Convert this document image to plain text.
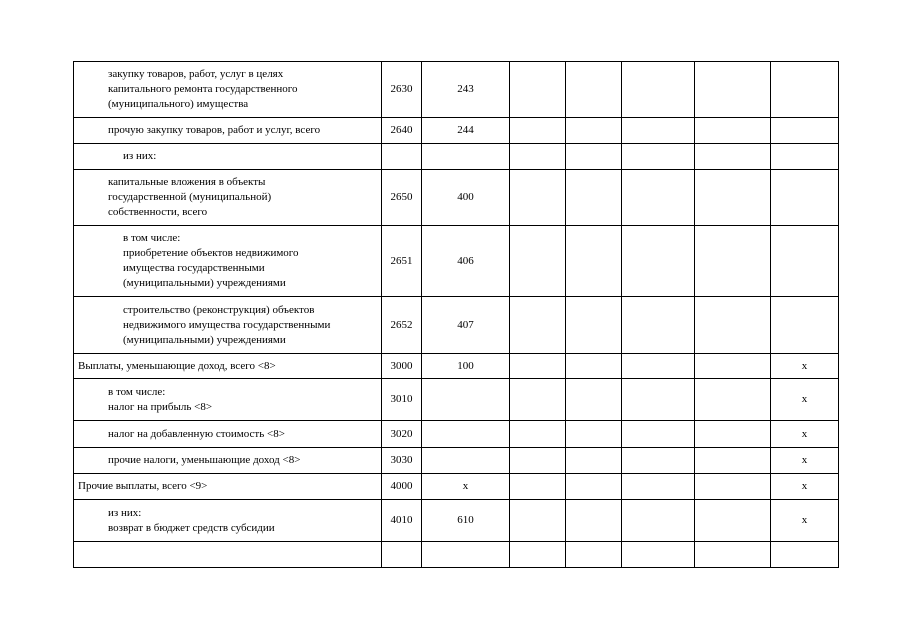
закупку товаров, работ, услуг в целях
капитального ремонта государственного
(муниципального) имущества	2630	243					

прочую закупку товаров, работ и услуг, всего	2640	244					

из них:							

капитальные вложения в объекты
государственной (муниципальной)
собственности, всего	2650	400					

в том числе:
приобретение объектов недвижимого
имущества государственными
(муниципальными) учреждениями	2651	406					

строительство (реконструкция) объектов
недвижимого имущества государственными
(муниципальными) учреждениями	2652	407					

Выплаты, уменьшающие доход, всего <8>	3000	100					x

в том числе:
налог на прибыль <8>	3010						x

налог на добавленную стоимость <8>	3020						x

прочие налоги, уменьшающие доход <8>	3030						x

Прочие выплаты, всего <9>	4000	x					x

из них:
возврат в бюджет средств субсидии	4010	610					x
